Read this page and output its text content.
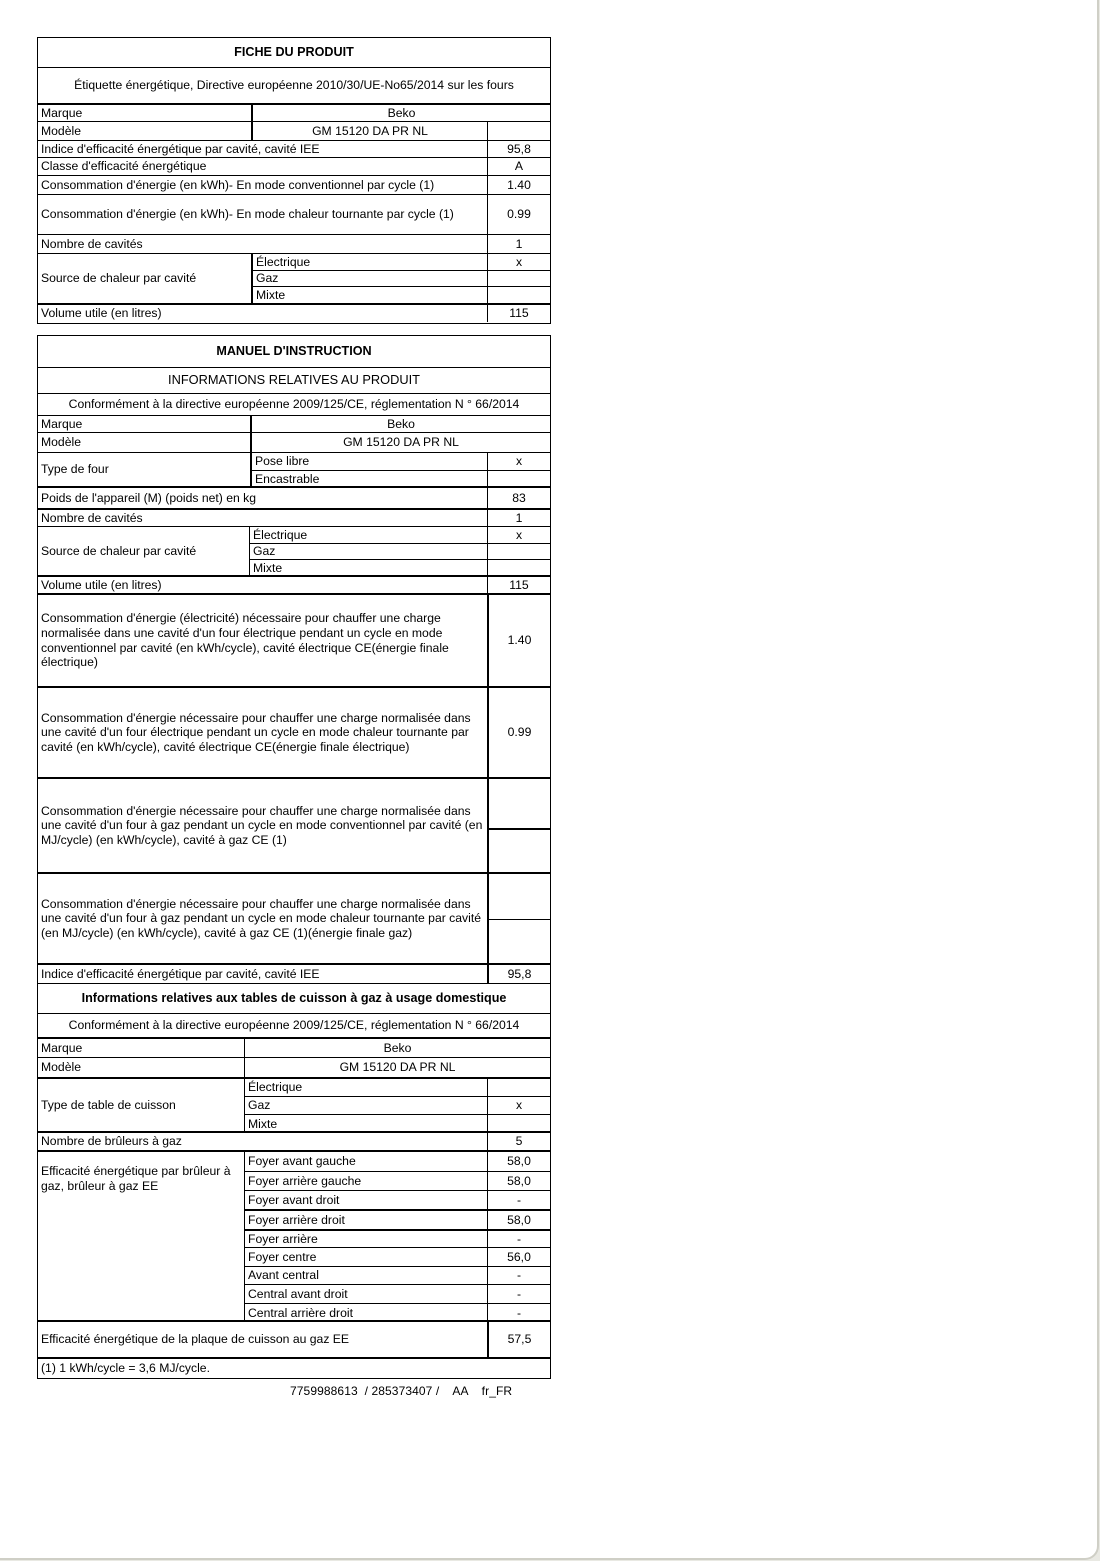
FICHE DU PRODUIT
Étiquette énergétique, Directive européenne 2010/30/UE-No65/2014 sur les fours
Marque	Beko
Modèle	GM 15120 DA PR NL
Indice d'efficacité énergétique par cavité, cavité IEE	95,8
Classe d'efficacité énergétique	A
Consommation d'énergie (en kWh)- En mode conventionnel par cycle (1)	1.40
Consommation d'énergie (en kWh)- En mode chaleur tournante par cycle (1)	0.99
Nombre de cavités	1
Source de chaleur par cavité
Électrique	x
Gaz
Mixte
Volume utile (en litres)	115
MANUEL D'INSTRUCTION
INFORMATIONS RELATIVES AU PRODUIT
Conformément à la directive européenne 2009/125/CE, réglementation N ° 66/2014
Marque	Beko
Modèle	GM 15120 DA PR NL
Type de four
Pose libre	x
Encastrable
Poids de l'appareil (M) (poids net) en kg	83
Nombre de cavités	1
Source de chaleur par cavité
Électrique	x
Gaz
Mixte
Volume utile (en litres)	115
Consommation d'énergie (électricité) nécessaire pour chauffer une charge normalisée dans une cavité d'un four électrique pendant un cycle en mode conventionnel par cavité (en kWh/cycle), cavité électrique CE(énergie finale électrique)
1.40
Consommation d'énergie nécessaire pour chauffer une charge normalisée dans une cavité d'un four électrique pendant un cycle en mode chaleur tournante par cavité (en kWh/cycle), cavité électrique CE(énergie finale électrique)
0.99
Consommation d'énergie nécessaire pour chauffer une charge normalisée dans une cavité d'un four à gaz pendant un cycle en mode conventionnel par cavité (en MJ/cycle) (en kWh/cycle), cavité à gaz CE (1)
Consommation d'énergie nécessaire pour chauffer une charge normalisée dans une cavité d'un four à gaz pendant un cycle en mode chaleur tournante par cavité (en MJ/cycle) (en kWh/cycle), cavité à gaz CE (1)(énergie finale gaz)
Indice d'efficacité énergétique par cavité, cavité IEE	95,8
Informations relatives aux tables de cuisson à gaz à usage domestique
Conformément à la directive européenne 2009/125/CE, réglementation N ° 66/2014
Marque	Beko
Modèle	GM 15120 DA PR NL
Type de table de cuisson
Électrique
Gaz	x
Mixte
Nombre de brûleurs à gaz	5
Efficacité énergétique par brûleur à gaz, brûleur à gaz EE
Foyer avant gauche	58,0
Foyer arrière gauche	58,0
Foyer avant droit	-
Foyer arrière droit	58,0
Foyer arrière	-
Foyer centre	56,0
Avant central	-
Central avant droit	-
Central arrière droit	-
Efficacité énergétique de la plaque de cuisson au gaz EE	57,5
(1) 1 kWh/cycle = 3,6 MJ/cycle.
7759988613  / 285373407 /    AA    fr_FR
